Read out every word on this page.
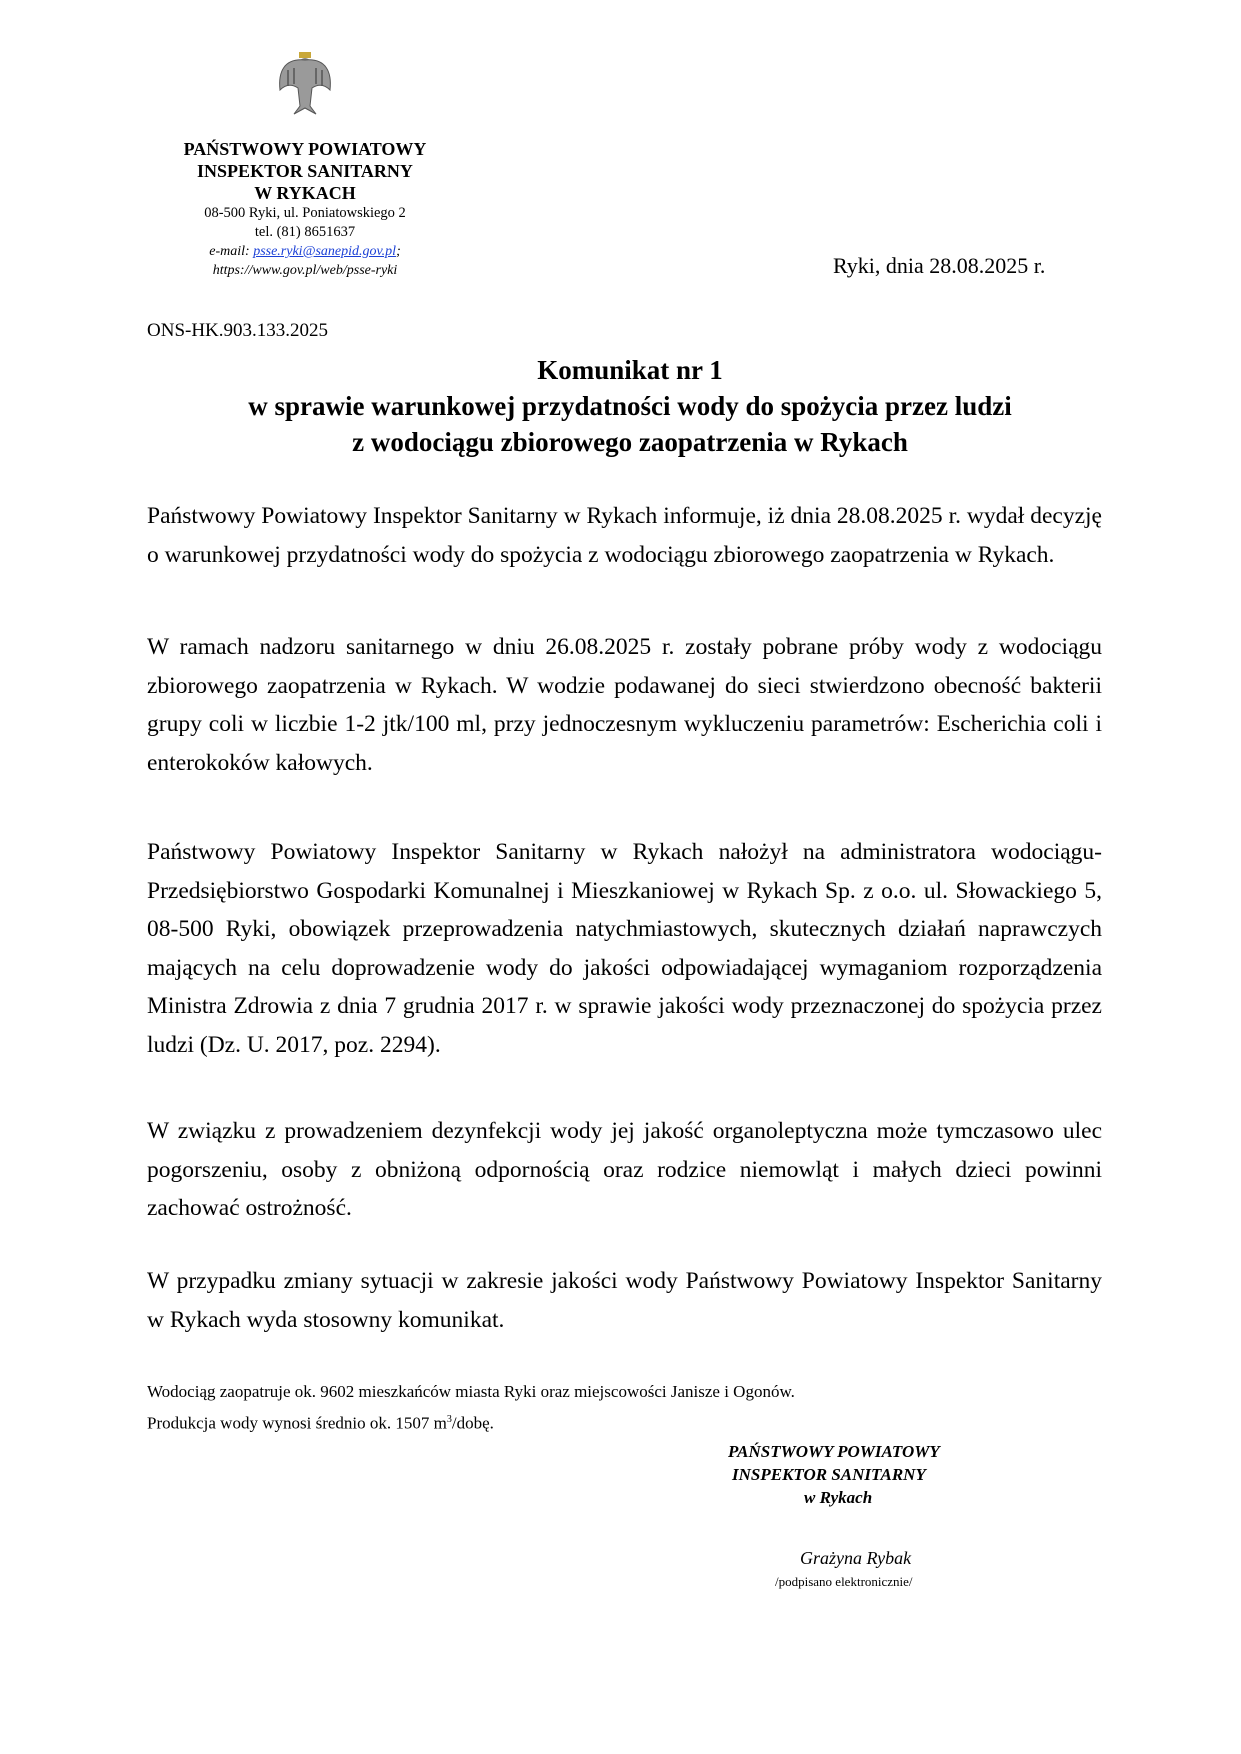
PAŃSTWOWY POWIATOWY
INSPEKTOR SANITARNY
W RYKACH
08-500 Ryki, ul. Poniatowskiego 2
tel. (81) 8651637
e-mail: psse.ryki@sanepid.gov.pl;
https://www.gov.pl/web/psse-ryki	Ryki, dnia 28.08.2025 r.
ONS-HK.903.133.2025
Komunikat nr 1
w sprawie warunkowej przydatności wody do spożycia przez ludzi
z wodociągu zbiorowego zaopatrzenia w Rykach
Państwowy Powiatowy Inspektor Sanitarny w Rykach informuje, iż dnia 28.08.2025 r. wydał decyzję o warunkowej przydatności wody do spożycia z wodociągu zbiorowego zaopatrzenia w Rykach.
W ramach nadzoru sanitarnego w dniu 26.08.2025 r. zostały pobrane próby wody z wodociągu zbiorowego zaopatrzenia w Rykach. W wodzie podawanej do sieci stwierdzono obecność bakterii grupy coli w liczbie 1-2 jtk/100 ml, przy jednoczesnym wykluczeniu parametrów: Escherichia coli i enterokoków kałowych.
Państwowy Powiatowy Inspektor Sanitarny w Rykach nałożył na administratora wodociągu- Przedsiębiorstwo Gospodarki Komunalnej i Mieszkaniowej w Rykach Sp. z o.o. ul. Słowackiego 5, 08-500 Ryki, obowiązek przeprowadzenia natychmiastowych, skutecznych działań naprawczych mających na celu doprowadzenie wody do jakości odpowiadającej wymaganiom rozporządzenia Ministra Zdrowia z dnia 7 grudnia 2017 r. w sprawie jakości wody przeznaczonej do spożycia przez ludzi (Dz. U. 2017, poz. 2294).
W związku z prowadzeniem dezynfekcji wody jej jakość organoleptyczna może tymczasowo ulec pogorszeniu, osoby z obniżoną odpornością oraz rodzice niemowląt i małych dzieci powinni zachować ostrożność.
W przypadku zmiany sytuacji w zakresie jakości wody Państwowy Powiatowy Inspektor Sanitarny w Rykach wyda stosowny komunikat.
Wodociąg zaopatruje ok. 9602 mieszkańców miasta Ryki oraz miejscowości Janisze i Ogonów.
Produkcja wody wynosi średnio ok. 1507 $m^3$/dobę.
PAŃSTWOWY POWIATOWY
INSPEKTOR SANITARNY
w Rykach
Grażyna Rybak
/podpisano elektronicznie/
